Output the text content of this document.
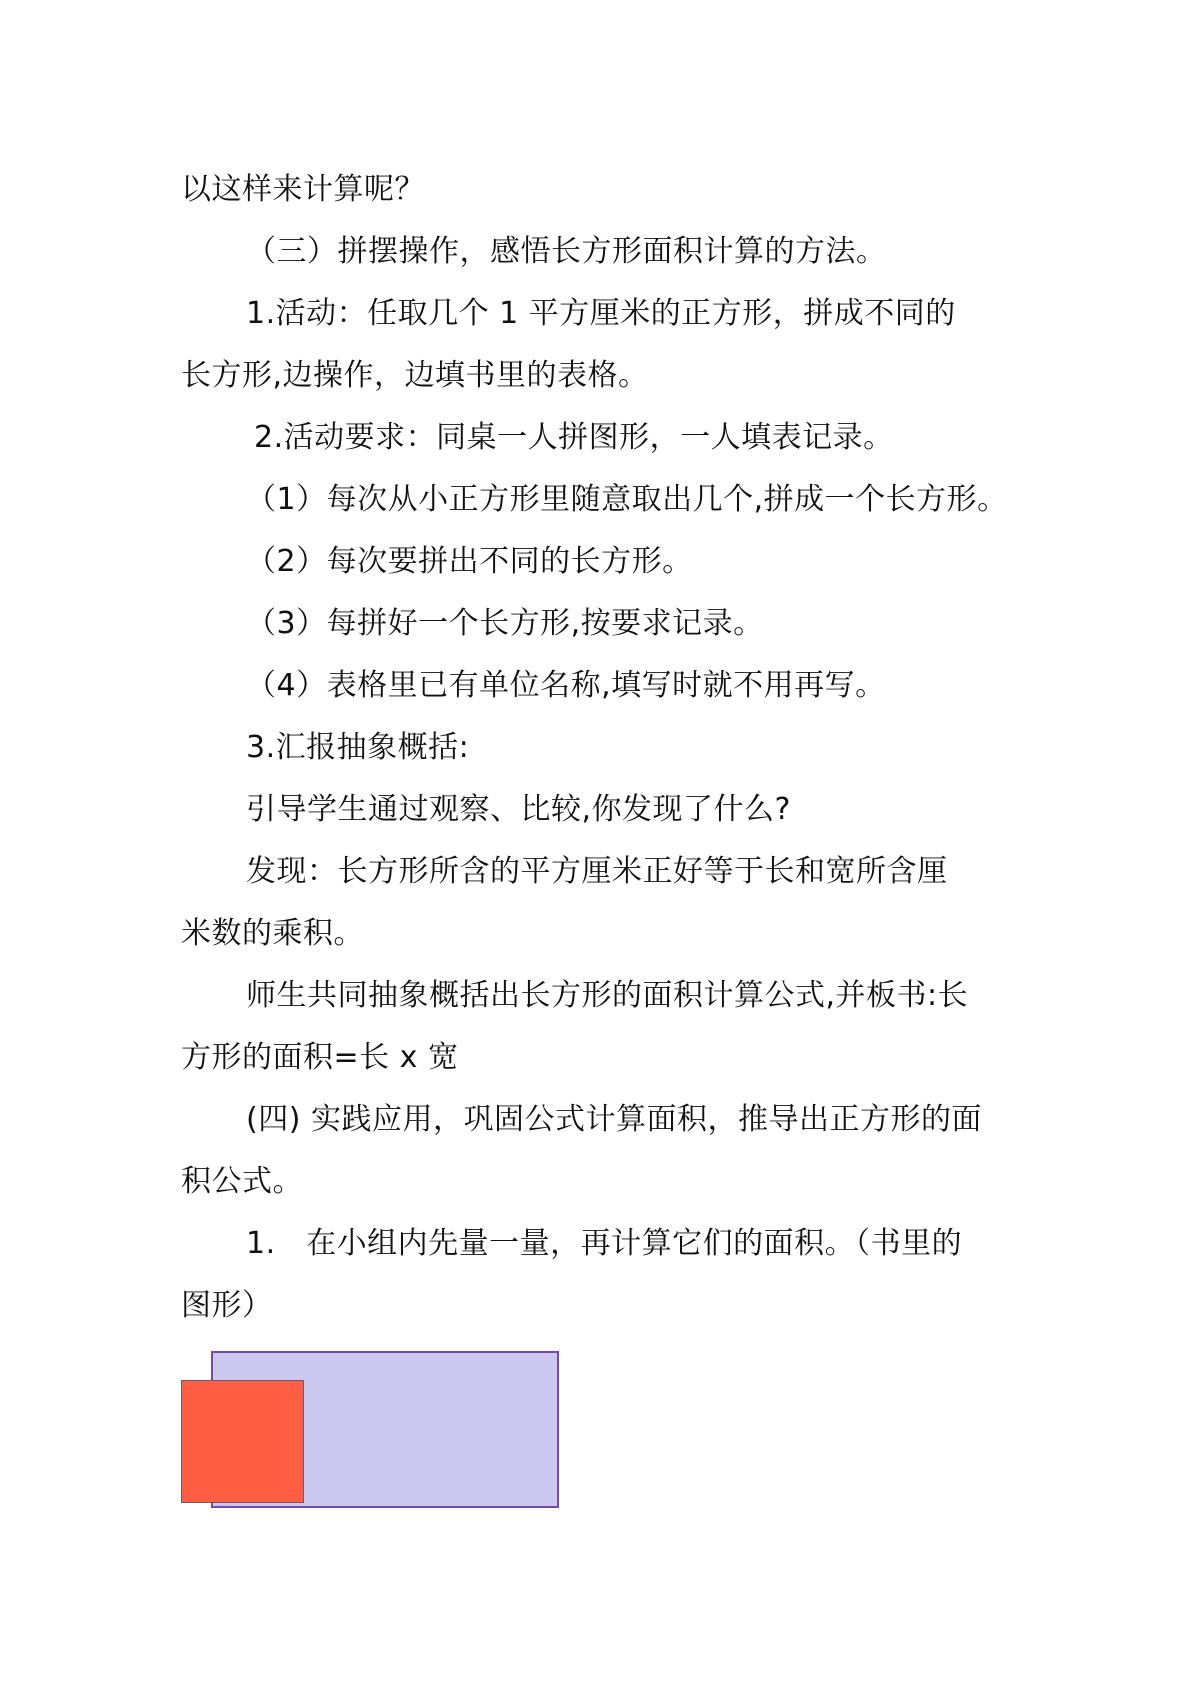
以这样来计算呢？
（三）拼摆操作，感悟长方形面积计算的方法。
1.活动：任取几个 1 平方厘米的正方形，拼成不同的
长方形,边操作，边填书里的表格。
2.活动要求：同桌一人拼图形，一人填表记录。
（1）每次从小正方形里随意取出几个,拼成一个长方形。
（2）每次要拼出不同的长方形。
（3）每拼好一个长方形,按要求记录。
（4）表格里已有单位名称,填写时就不用再写。
3.汇报抽象概括:
引导学生通过观察、比较,你发现了什么?
发现：长方形所含的平方厘米正好等于长和宽所含厘
米数的乘积。
师生共同抽象概括出长方形的面积计算公式,并板书:长
方形的面积=长 x 宽
(四) 实践应用，巩固公式计算面积，推导出正方形的面
积公式。
1.　在小组内先量一量，再计算它们的面积。（书里的
图形）
